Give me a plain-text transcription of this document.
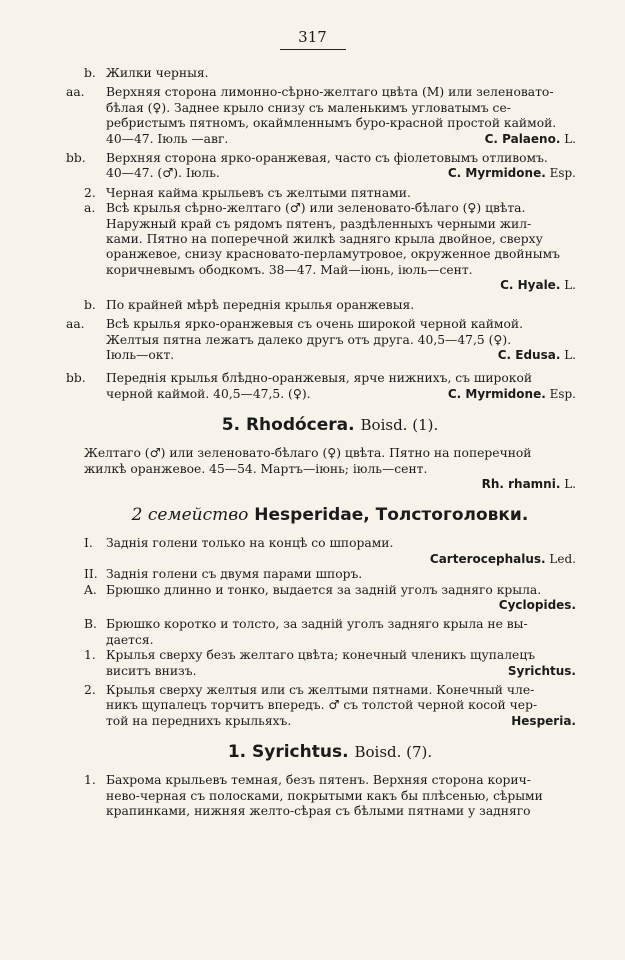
317
b. Жилки черныя.
aa. Верхняя сторона лимонно-сѣрно-желтаго цвѣта (M) или зеленовато-
бѣлая (♀). Заднее крыло снизу съ маленькимъ угловатымъ се-
ребристымъ пятномъ, окаймленнымъ буро-красной простой каймой.
C. Palaeno. L.
40—47. Іюль —авг.
bb. Верхняя сторона ярко-оранжевая, часто съ фіолетовымъ отливомъ.
C. Myrmidone. Esp.
40—47. (♂). Іюль.
2. Черная кайма крыльевъ съ желтыми пятнами.
a. Всѣ крылья сѣрно-желтаго (♂) или зеленовато-бѣлаго (♀) цвѣта.
Наружный край съ рядомъ пятенъ, раздѣленныхъ черными жил-
ками. Пятно на поперечной жилкѣ задняго крыла двойное, сверху
оранжевое, снизу красновато-перламутровое, окруженное двойнымъ
коричневымъ ободкомъ. 38—47. Май—іюнь, іюль—сент.
C. Hyale. L.
b. По крайней мѣрѣ переднія крылья оранжевыя.
aa. Всѣ крылья ярко-оранжевыя съ очень широкой черной каймой.
Желтыя пятна лежатъ далеко другъ отъ друга. 40,5—47,5 (♀).
C. Edusa. L.
Іюль—окт.
bb. Переднія крылья блѣдно-оранжевыя, ярче нижнихъ, съ широкой
C. Myrmidone. Esp.
черной каймой. 40,5—47,5. (♀).
5. Rhodócera. Boisd. (1).
Желтаго (♂) или зеленовато-бѣлаго (♀) цвѣта. Пятно на поперечной
жилкѣ оранжевое. 45—54. Мартъ—іюнь; іюль—сент.
Rh. rhamni. L.
2 семейство Hesperidae, Толстоголовки.
I.	Заднія голени только на концѣ со шпорами.
Carterocephalus. Led.
II. Заднія голени съ двумя парами шпоръ.
A. Брюшко длинно и тонко, выдается за задній уголъ задняго крыла.
Cyclopides.
B. Брюшко коротко и толсто, за задній уголъ задняго крыла не вы-
дается.
1. Крылья сверху безъ желтаго цвѣта; конечный членикъ щупалецъ
Syrichtus.
виситъ внизъ.
2. Крылья сверху желтыя или съ желтыми пятнами. Конечный чле-
никъ щупалецъ торчитъ впередъ. ♂ съ толстой черной косой чер-
Hesperia.
той на переднихъ крыльяхъ.
1. Syrichtus. Boisd. (7).
1. Бахрома крыльевъ темная, безъ пятенъ. Верхняя сторона корич-
нево-черная съ полосками, покрытыми какъ бы плѣсенью, сѣрыми
крапинками, нижняя желто-сѣрая съ бѣлыми пятнами у задняго
